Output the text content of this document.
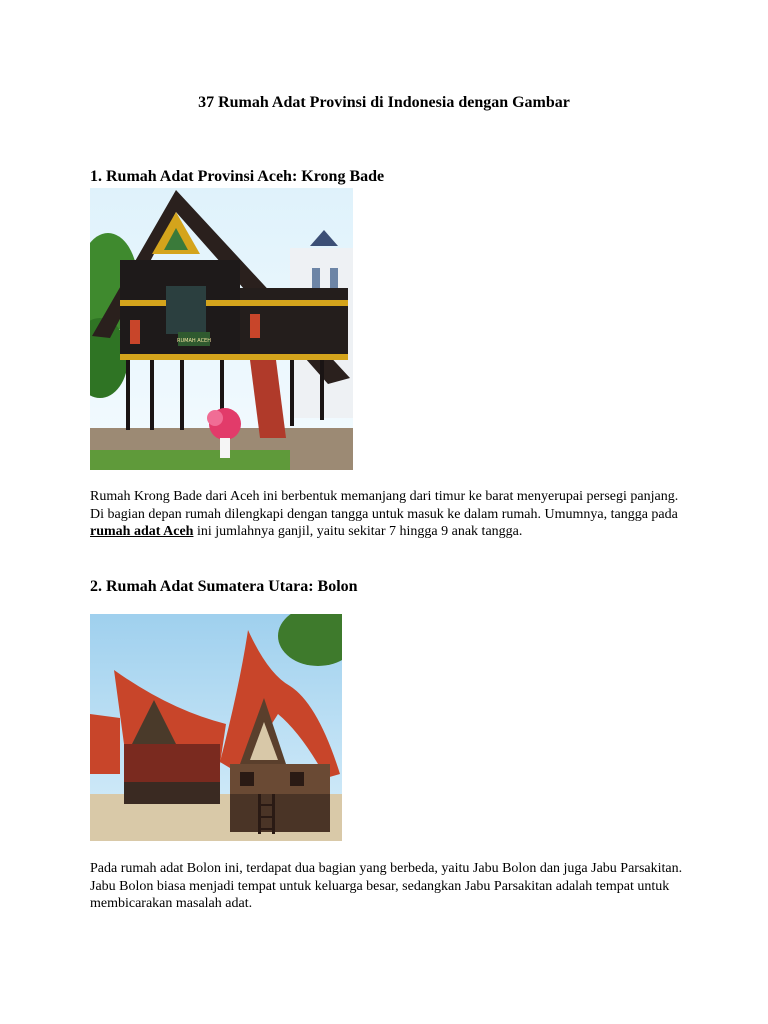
37 Rumah Adat Provinsi di Indonesia dengan Gambar
1. Rumah Adat Provinsi Aceh: Krong Bade
RUMAH ACEH

Rumah Krong Bade dari Aceh ini berbentuk memanjang dari timur ke barat menyerupai persegi panjang. Di bagian depan rumah dilengkapi dengan tangga untuk masuk ke dalam rumah. Umumnya, tangga pada rumah adat Aceh ini jumlahnya ganjil, yaitu sekitar 7 hingga 9 anak tangga.

2. Rumah Adat Sumatera Utara: Bolon

Pada rumah adat Bolon ini, terdapat dua bagian yang berbeda, yaitu Jabu Bolon dan juga Jabu Parsakitan. Jabu Bolon biasa menjadi tempat untuk keluarga besar, sedangkan Jabu Parsakitan adalah tempat untuk membicarakan masalah adat.
